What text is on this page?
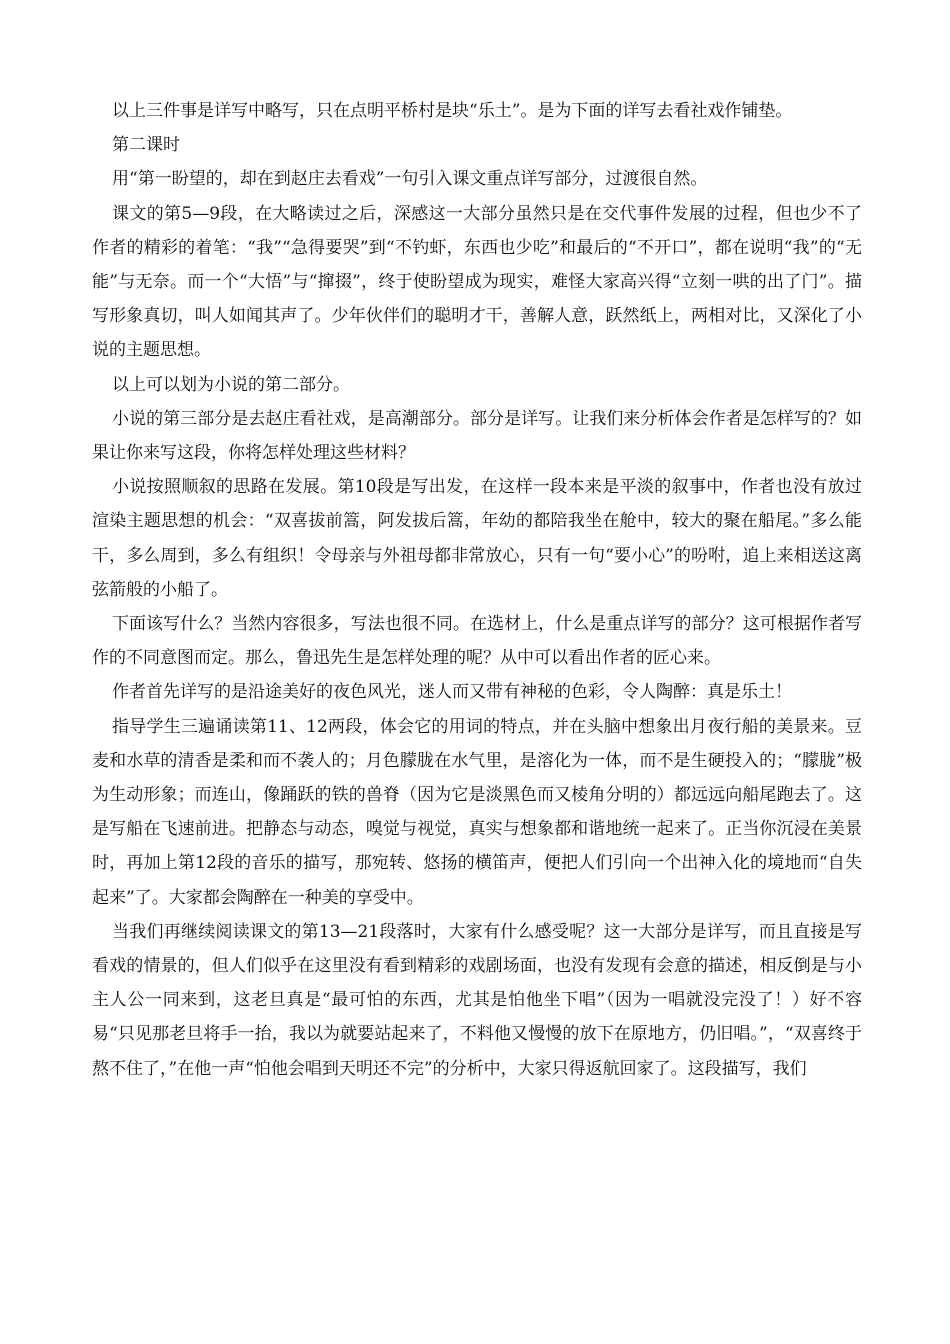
以上三件事是详写中略写，只在点明平桥村是块“乐土”。是为下面的详写去看社戏作铺垫。

第二课时

用“第一盼望的，却在到赵庄去看戏”一句引入课文重点详写部分，过渡很自然。

课文的第5—9段，在大略读过之后，深感这一大部分虽然只是在交代事件发展的过程，但也少不了作者的精彩的着笔：“我”“急得要哭”到“不钓虾，东西也少吃”和最后的“不开口”，都在说明“我”的“无能”与无奈。而一个“大悟”与“撺掇”，终于使盼望成为现实，难怪大家高兴得“立刻一哄的出了门”。描写形象真切，叫人如闻其声了。少年伙伴们的聪明才干，善解人意，跃然纸上，两相对比，又深化了小说的主题思想。

以上可以划为小说的第二部分。

小说的第三部分是去赵庄看社戏，是高潮部分。部分是详写。让我们来分析体会作者是怎样写的？如果让你来写这段，你将怎样处理这些材料？

小说按照顺叙的思路在发展。第10段是写出发，在这样一段本来是平淡的叙事中，作者也没有放过渲染主题思想的机会：“双喜拔前篙，阿发拔后篙，年幼的都陪我坐在舱中，较大的聚在船尾。”多么能干，多么周到，多么有组织！令母亲与外祖母都非常放心，只有一句“要小心”的吩咐，追上来相送这离弦箭般的小船了。

下面该写什么？当然内容很多，写法也很不同。在选材上，什么是重点详写的部分？这可根据作者写作的不同意图而定。那么，鲁迅先生是怎样处理的呢？从中可以看出作者的匠心来。

作者首先详写的是沿途美好的夜色风光，迷人而又带有神秘的色彩，令人陶醉：真是乐土！

指导学生三遍诵读第11、12两段，体会它的用词的特点，并在头脑中想象出月夜行船的美景来。豆麦和水草的清香是柔和而不袭人的；月色朦胧在水气里，是溶化为一体，而不是生硬投入的；“朦胧”极为生动形象；而连山，像踊跃的铁的兽脊（因为它是淡黑色而又棱角分明的）都远远向船尾跑去了。这是写船在飞速前进。把静态与动态，嗅觉与视觉，真实与想象都和谐地统一起来了。正当你沉浸在美景时，再加上第12段的音乐的描写，那宛转、悠扬的横笛声，便把人们引向一个出神入化的境地而“自失起来”了。大家都会陶醉在一种美的享受中。

当我们再继续阅读课文的第13—21段落时，大家有什么感受呢？这一大部分是详写，而且直接是写看戏的情景的，但人们似乎在这里没有看到精彩的戏剧场面，也没有发现有会意的描述，相反倒是与小主人公一同来到，这老旦真是“最可怕的东西，尤其是怕他坐下唱”（因为一唱就没完没了！）好不容易“只见那老旦将手一抬，我以为就要站起来了，不料他又慢慢的放下在原地方，仍旧唱。”，“双喜终于熬不住了，”在他一声“怕他会唱到天明还不完”的分析中，大家只得返航回家了。这段描写，我们
